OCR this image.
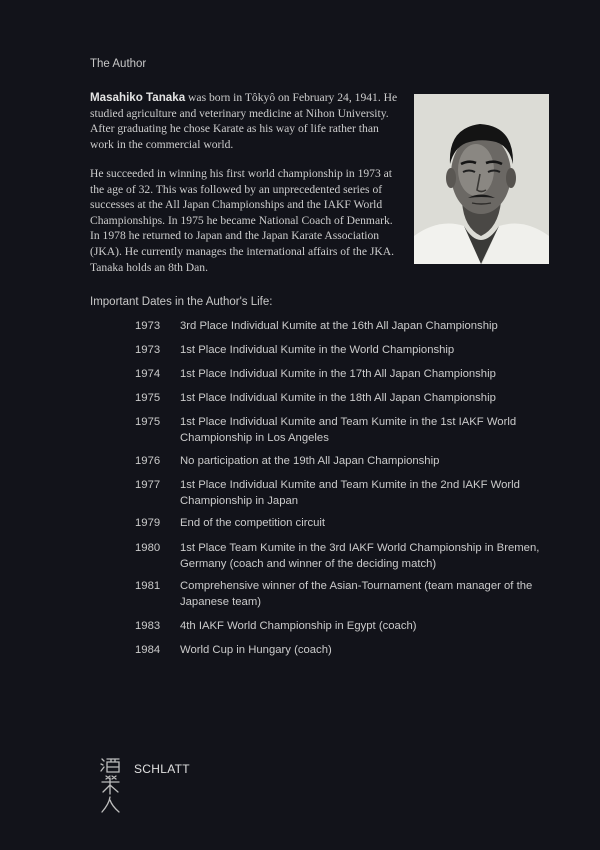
The Author
Masahiko Tanaka was born in Tôkyô on February 24, 1941. He studied agriculture and veterinary medicine at Nihon University. After graduating he chose Karate as his way of life rather than work in the commercial world.
He succeeded in winning his first world championship in 1973 at the age of 32. This was followed by an unprecedented series of successes at the All Japan Championships and the IAKF World Championships. In 1975 he became National Coach of Denmark. In 1978 he returned to Japan and the Japan Karate Association (JKA). He currently manages the international affairs of the JKA. Tanaka holds an 8th Dan.
Important Dates in the Author's Life:
1973	3rd Place Individual Kumite at the 16th All Japan Championship
1973	1st Place Individual Kumite in the World Championship
1974	1st Place Individual Kumite in the 17th All Japan Championship
1975	1st Place Individual Kumite in the 18th All Japan Championship
1975	1st Place Individual Kumite and Team Kumite in the 1st IAKF World Championship in Los Angeles
1976	No participation at the 19th All Japan Championship
1977	1st Place Individual Kumite and Team Kumite in the 2nd IAKF World Championship in Japan
1979	End of the competition circuit
1980	1st Place Team Kumite in the 3rd IAKF World Championship in Bremen, Germany (coach and winner of the deciding match)
1981	Comprehensive winner of the Asian-Tournament (team manager of the Japanese team)
1983	4th IAKF World Championship in Egypt (coach)
1984	World Cup in Hungary (coach)
SCHLATT
